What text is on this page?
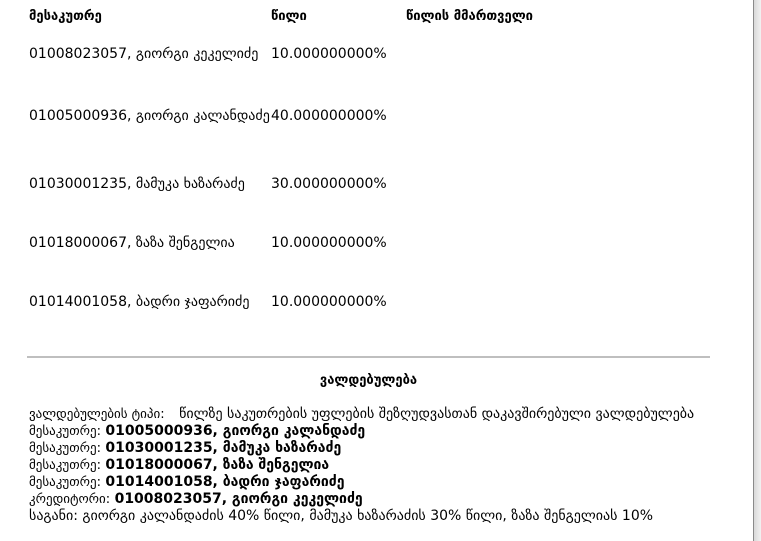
მესაკუთრე	წილი	წილის მმართველი
01008023057, გიორგი კეკელიძე	10.000000000%	
01005000936, გიორგი კალანდაძე	40.000000000%	
01030001235, მამუკა ხაზარაძე	30.000000000%	
01018000067, ზაზა შენგელია	10.000000000%	
01014001058, ბადრი ჯაფარიძე	10.000000000%	
ვალდებულება
ვალდებულების ტიპი: წილზე საკუთრების უფლების შეზღუდვასთან დაკავშირებული ვალდებულება
მესაკუთრე: 01005000936, გიორგი კალანდაძე
მესაკუთრე: 01030001235, მამუკა ხაზარაძე
მესაკუთრე: 01018000067, ზაზა შენგელია
მესაკუთრე: 01014001058, ბადრი ჯაფარიძე
კრედიტორი: 01008023057, გიორგი კეკელიძე
საგანი: გიორგი კალანდაძის 40% წილი, მამუკა ხაზარაძის 30% წილი, ზაზა შენგელიას 10%
